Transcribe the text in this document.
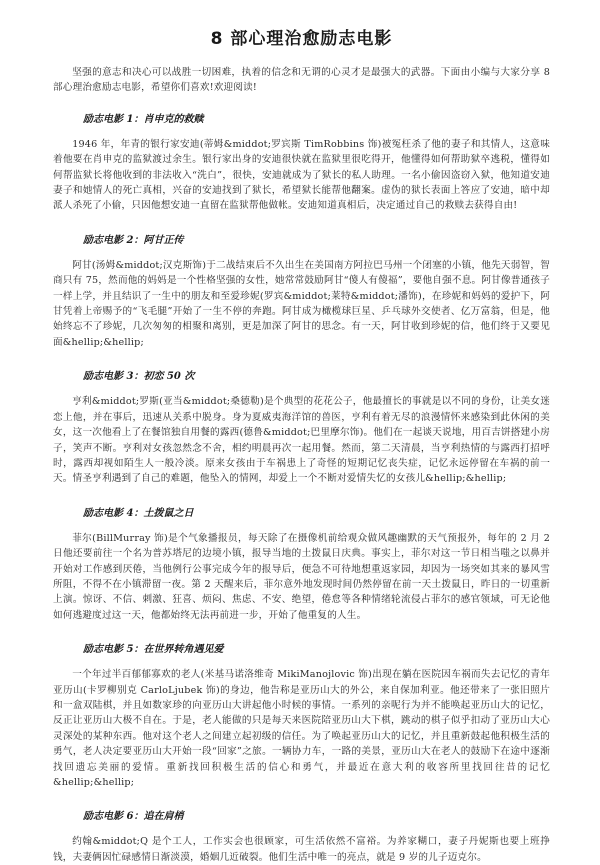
8 部心理治愈励志电影

坚强的意志和决心可以战胜一切困难，执着的信念和无谓的心灵才是最强大的武器。下面由小编与大家分享 8 部心理治愈励志电影，希望你们喜欢!欢迎阅读!

励志电影 1：肖申克的救赎

1946 年，年青的银行家安迪(蒂姆&middot;罗宾斯 TimRobbins 饰)被冤枉杀了他的妻子和其情人，这意味着他要在肖申克的监狱渡过余生。银行家出身的安迪很快就在监狱里很吃得开，他懂得如何帮助狱卒逃税，懂得如何帮监狱长将他收到的非法收入“洗白”，很快，安迪就成为了狱长的私人助理。一名小偷因盗窃入狱，他知道安迪妻子和她情人的死亡真相，兴奋的安迪找到了狱长，希望狱长能帮他翻案。虚伪的狱长表面上答应了安迪，暗中却派人杀死了小偷，只因他想安迪一直留在监狱帮他做帐。安迪知道真相后，决定通过自己的救赎去获得自由!

励志电影 2：阿甘正传

阿甘(汤姆&middot;汉克斯饰)于二战结束后不久出生在美国南方阿拉巴马州一个闭塞的小镇，他先天弱智，智商只有 75，然而他的妈妈是一个性格坚强的女性，她常常鼓励阿甘“傻人有傻福”，要他自强不息。阿甘像普通孩子一样上学，并且结识了一生中的朋友和至爱珍妮(罗宾&middot;莱特&middot;潘饰)，在珍妮和妈妈的爱护下，阿甘凭着上帝赐予的“飞毛腿”开始了一生不停的奔跑。阿甘成为橄榄球巨星、乒乓球外交使者、亿万富翁，但是，他始终忘不了珍妮，几次匆匆的相聚和离别，更是加深了阿甘的思念。有一天，阿甘收到珍妮的信，他们终于又要见面&hellip;&hellip;

励志电影 3：初恋 50 次

亨利&middot;罗斯(亚当&middot;桑德勒)是个典型的花花公子，他最擅长的事就是以不同的身份，让美女迷恋上他，并在事后，迅速从关系中脱身。身为夏威夷海洋馆的兽医，亨利有着无尽的浪漫情怀来感染到此休闲的美女，这一次他看上了在餐馆独自用餐的露西(德鲁&middot;巴里摩尔饰)。他们在一起谈天说地，用百吉饼搭建小房子，笑声不断。亨利对女孩忽然念不舍，相约明晨再次一起用餐。然而，第二天清晨，当亨利热情的与露西打招呼时，露西却视如陌生人一般冷淡。原来女孩由于车祸患上了奇怪的短期记忆丧失症，记忆永远停留在车祸的前一天。情圣亨利遇到了自己的难题，他坠入的情网，却爱上一个不断对爱情失忆的女孩儿&hellip;&hellip;

励志电影 4：土拨鼠之日

菲尔(BillMurray 饰)是个气象播报员，每天除了在摄像机前给观众做风趣幽默的天气预报外，每年的 2 月 2 日他还要前往一个名为普苏塔尼的边境小镇，报导当地的土拨鼠日庆典。事实上，菲尔对这一节日相当嗤之以鼻并开始对工作感到厌倦，当他例行公事完成今年的报导后，便急不可待地想重返家园，却因为一场突如其来的暴风雪所阻，不得不在小镇滞留一夜。第 2 天醒来后，菲尔意外地发现时间仍然停留在前一天土拨鼠日，昨日的一切重新上演。惊讶、不信、刺激、狂喜、烦闷、焦虑、不安、绝望，倦怠等各种情绪轮流侵占菲尔的感官领域，可无论他如何逃避度过这一天，他都始终无法再前进一步，开始了他重复的人生。

励志电影 5：在世界转角遇见爱

一个年过半百郁郁寡欢的老人(米基马诺洛维奇 MikiManojlovic 饰)出现在躺在医院因车祸而失去记忆的青年亚历山(卡罗柳别克 CarloLjubek 饰)的身边，他告称是亚历山大的外公，来自保加利亚。他还带来了一张旧照片和一盒双陆棋，并且如数家珍的向亚历山大讲起他小时候的事情。一系列的亲呢行为并不能唤起亚历山大的记忆，反正让亚历山大极不自在。于是，老人能做的只是每天来医院陪亚历山大下棋，跳动的棋子似乎扣动了亚历山大心灵深处的某种东西。他对这个老人之间建立起初级的信任。为了唤起亚历山大的记忆，并且重新鼓起他积极生活的勇气，老人决定要亚历山大开始一段“回家”之旅。一辆协力车，一路的美景，亚历山大在老人的鼓励下在途中逐渐找回遗忘美丽的爱情。重新找回积极生活的信心和勇气，并最近在意大利的收容所里找回往昔的记忆&hellip;&hellip;

励志电影 6：追在肩梢

约翰&middot;Q 是个工人，工作实会也很顾家，可生活依然不富裕。为养家糊口，妻子丹妮斯也要上班挣钱，夫妻俩因忙碌感情日渐淡漠，婚姻几近破裂。他们生活中唯一的亮点，就是 9 岁的儿子迈克尔。
